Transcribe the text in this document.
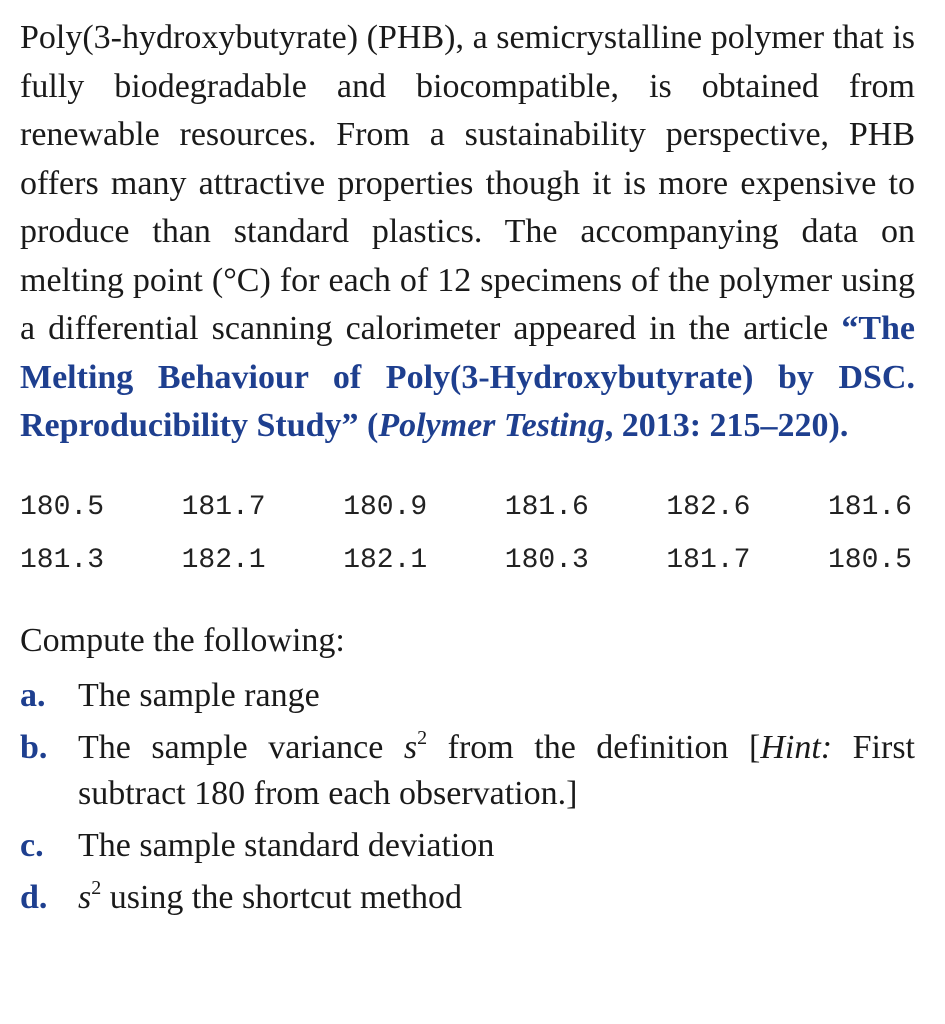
Poly(3-hydroxybutyrate) (PHB), a semicrystalline polymer that is fully biodegradable and biocompatible, is obtained from renewable resources. From a sustainability perspective, PHB offers many attractive properties though it is more expensive to produce than standard plastics. The accompanying data on melting point (°C) for each of 12 specimens of the polymer using a differential scanning calorimeter appeared in the article “The Melting Behaviour of Poly(3-Hydroxybutyrate) by DSC. Reproducibility Study” (Polymer Testing, 2013: 215–220).

180.5	181.7	180.9	181.6	182.6	181.6
181.3	182.1	182.1	180.3	181.7	180.5
Compute the following:
a. The sample range
b. The sample variance $s^2$ from the definition [Hint: First subtract 180 from each observation.]
c.	The sample standard deviation
d. $s^2$ using the shortcut method
